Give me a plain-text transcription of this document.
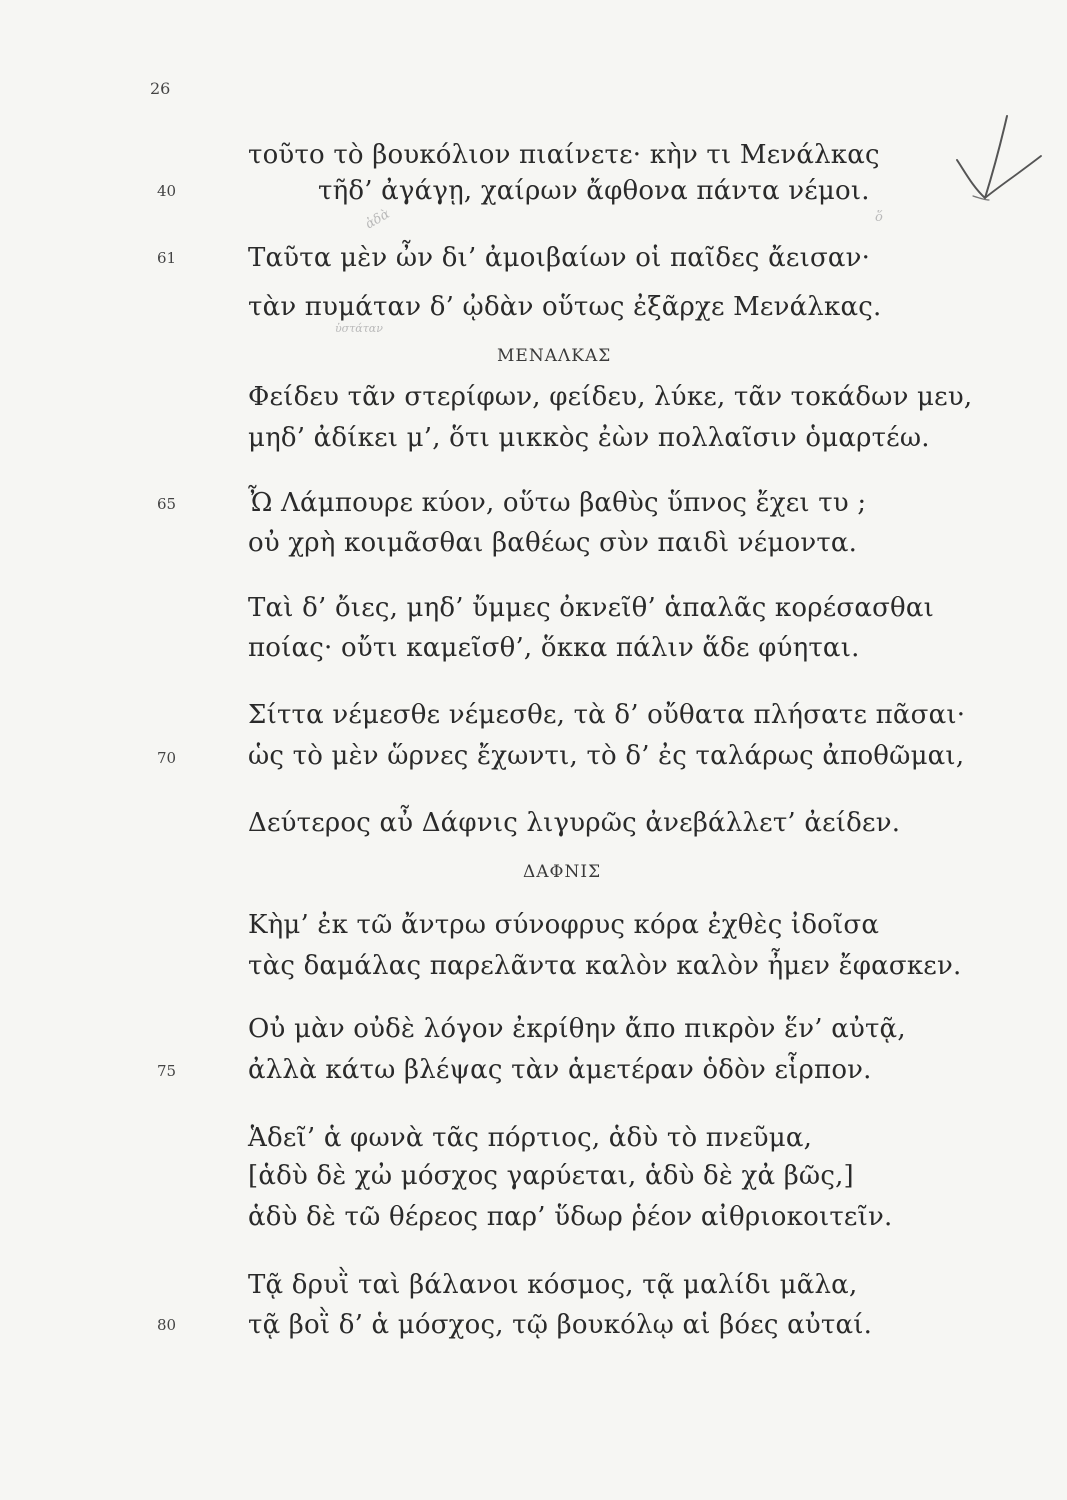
26
40
61
65
70
75
80
τοῦτο τὸ βουκόλιον πιαίνετε· κὴν τι Μενάλκας
τῆδ’ ἀγάγῃ, χαίρων ἄφθονα πάντα νέμοι.
Ταῦτα μὲν ὦν δι’ ἀμοιβαίων οἱ παῖδες ἄεισαν·
τὰν πυμάταν δ’ ᾠδὰν οὕτως ἐξᾶρχε Μενάλκας.
ΜΕΝΑΛΚΑΣ
Φείδευ τᾶν στερίφων, φείδευ, λύκε, τᾶν τοκάδων μευ,
μηδ’ ἀδίκει μ’, ὅτι μικκὸς ἐὼν πολλαῖσιν ὁμαρτέω.
Ὦ Λάμπουρε κύον, οὕτω βαθὺς ὕπνος ἔχει τυ ;
οὐ χρὴ κοιμᾶσθαι βαθέως σὺν παιδὶ νέμοντα.
Ταὶ δ’ ὄιες, μηδ’ ὔμμες ὀκνεῖθ’ ἁπαλᾶς κορέσασθαι
ποίας· οὔτι καμεῖσθ’, ὅκκα πάλιν ἅδε φύηται.
Σίττα νέμεσθε νέμεσθε, τὰ δ’ οὔθατα πλήσατε πᾶσαι·
ὡς τὸ μὲν ὥρνες ἔχωντι, τὸ δ’ ἐς ταλάρως ἀποθῶμαι,
Δεύτερος αὖ Δάφνις λιγυρῶς ἀνεβάλλετ’ ἀείδεν.
ΔΑΦΝΙΣ
Κὴμ’ ἐκ τῶ ἄντρω σύνοφρυς κόρα ἐχθὲς ἰδοῖσα
τὰς δαμάλας παρελᾶντα καλὸν καλὸν ἦμεν ἔφασκεν.
Οὐ μὰν οὐδὲ λόγον ἐκρίθην ἄπο πικρὸν ἕν’ αὐτᾷ,
ἀλλὰ κάτω βλέψας τὰν ἁμετέραν ὁδὸν εἷρπον.
Ἁδεῖ’ ἁ φωνὰ τᾶς πόρτιος, ἁδὺ τὸ πνεῦμα,
[ἁδὺ δὲ χὠ μόσχος γαρύεται, ἁδὺ δὲ χἀ βῶς,]
ἁδὺ δὲ τῶ θέρεος παρ’ ὕδωρ ῥέον αἰθριοκοιτεῖν.
Τᾷ δρυῒ ταὶ βάλανοι κόσμος, τᾷ μαλίδι μᾶλα,
τᾷ βοῒ δ’ ἁ μόσχος, τῷ βουκόλῳ αἱ βόες αὐταί.
ἀδὰ	ὅ
ὑστάταν
